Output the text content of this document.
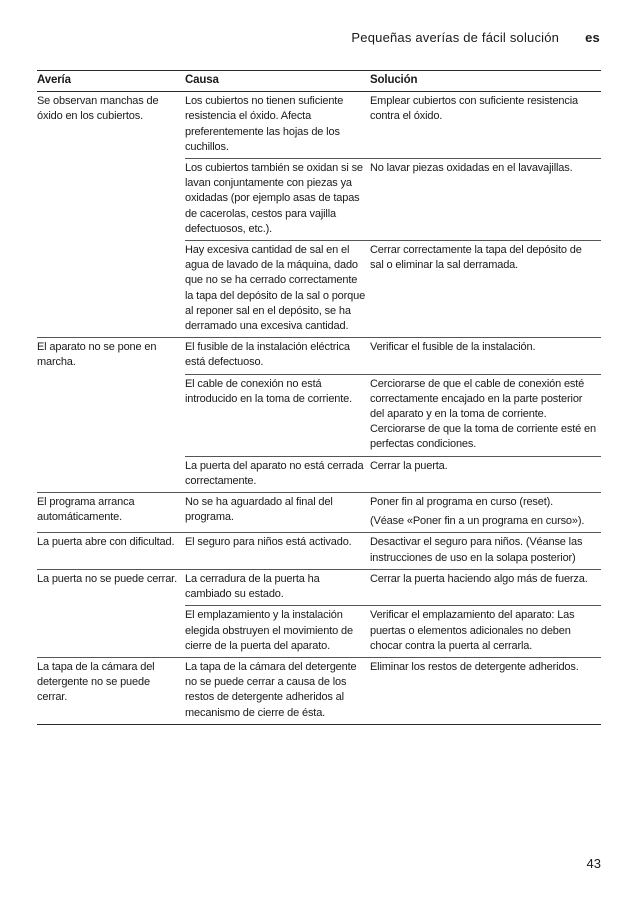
Pequeñas averías de fácil solución es
Avería	Causa	Solución
Se observan manchas de óxido en los cubiertos.	Los cubiertos no tienen suficiente resistencia el óxido. Afecta preferentemente las hojas de los cuchillos.	Emplear cubiertos con suficiente resistencia contra el óxido.
	Los cubiertos también se oxidan si se lavan conjuntamente con piezas ya oxidadas (por ejemplo asas de tapas de cacerolas, cestos para vajilla defectuosos, etc.).	No lavar piezas oxidadas en el lavavajillas.
	Hay excesiva cantidad de sal en el agua de lavado de la máquina, dado que no se ha cerrado correctamente la tapa del depósito de la sal o porque al reponer sal en el depósito, se ha derramado una excesiva cantidad.	Cerrar correctamente la tapa del depósito de sal o eliminar la sal derramada.
El aparato no se pone en marcha.	El fusible de la instalación eléctrica está defectuoso.	Verificar el fusible de la instalación.
	El cable de conexión no está introducido en la toma de corriente.	Cerciorarse de que el cable de conexión esté correctamente encajado en la parte posterior del aparato y en la toma de corriente. Cerciorarse de que la toma de corriente esté en perfectas condiciones.
	La puerta del aparato no está cerrada correctamente.	Cerrar la puerta.
El programa arranca automáticamente.	No se ha aguardado al final del programa.	Poner fin al programa en curso (reset).
(Véase «Poner fin a un programa en curso»).

La puerta abre con dificultad.	El seguro para niños está activado.	Desactivar el seguro para niños. (Véanse las instrucciones de uso en la solapa posterior)
La puerta no se puede cerrar.	La cerradura de la puerta ha cambiado su estado.	Cerrar la puerta haciendo algo más de fuerza.
	El emplazamiento y la instalación elegida obstruyen el movimiento de cierre de la puerta del aparato.	Verificar el emplazamiento del aparato: Las puertas o elementos adicionales no deben chocar contra la puerta al cerrarla.
La tapa de la cámara del detergente no se puede cerrar.	La tapa de la cámara del detergente no se puede cerrar a causa de los restos de detergente adheridos al mecanismo de cierre de ésta.	Eliminar los restos de detergente adheridos.
43
